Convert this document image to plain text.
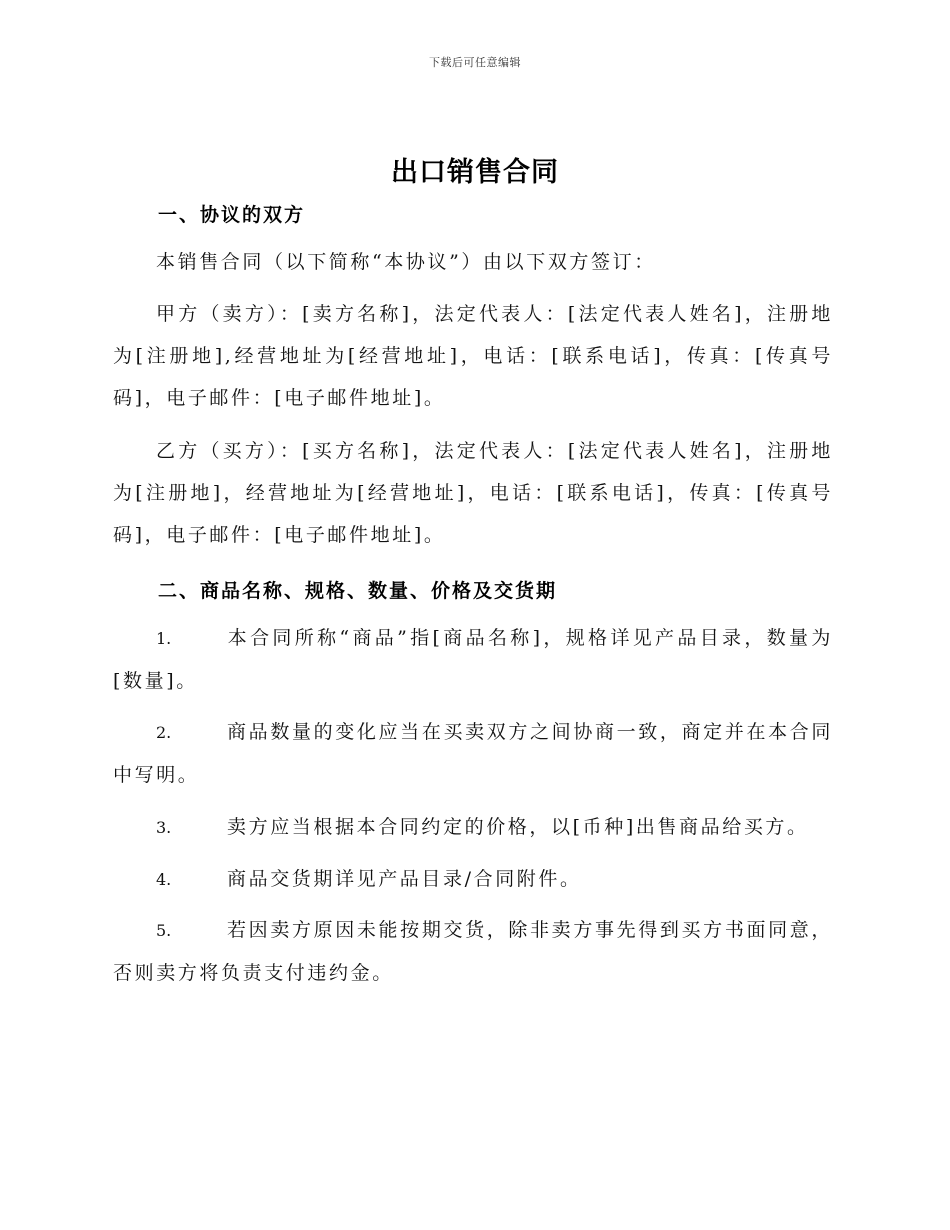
下载后可任意编辑
出口销售合同
一、协议的双方

本销售合同（以下简称“本协议”）由以下双方签订：

甲方（卖方）：[卖方名称]，法定代表人：[法定代表人姓名]，注册地为[注册地],经营地址为[经营地址]，电话：[联系电话]，传真：[传真号码]，电子邮件：[电子邮件地址]。

乙方（买方）：[买方名称]，法定代表人：[法定代表人姓名]，注册地为[注册地]，经营地址为[经营地址]，电话：[联系电话]，传真：[传真号码]，电子邮件：[电子邮件地址]。

二、商品名称、规格、数量、价格及交货期

1.	本合同所称“商品”指[商品名称]，规格详见产品目录，数量为[数量]。

2.	商品数量的变化应当在买卖双方之间协商一致，商定并在本合同中写明。

3.	卖方应当根据本合同约定的价格，以[币种]出售商品给买方。

4.	商品交货期详见产品目录/合同附件。

5.	若因卖方原因未能按期交货，除非卖方事先得到买方书面同意，否则卖方将负责支付违约金。
